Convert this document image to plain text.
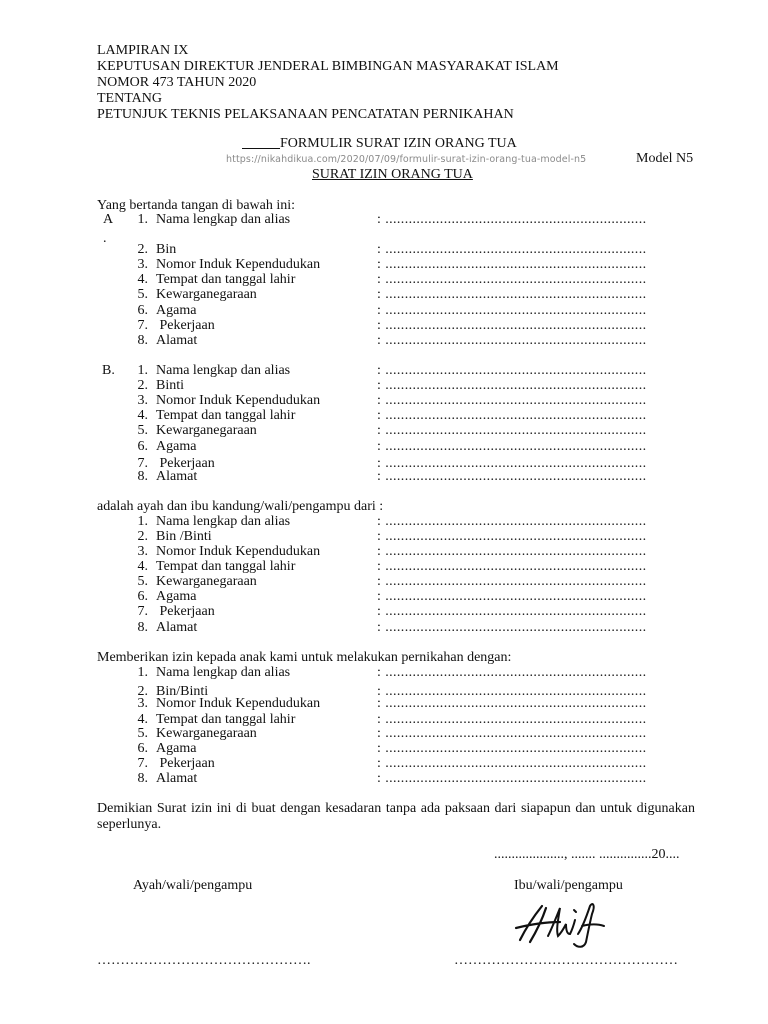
LAMPIRAN IX
KEPUTUSAN DIREKTUR JENDERAL BIMBINGAN MASYARAKAT ISLAM
NOMOR 473 TAHUN 2020
TENTANG
PETUNJUK TEKNIS PELAKSANAAN PENCATATAN PERNIKAHAN
FORMULIR SURAT IZIN ORANG TUA
https://nikahdikua.com/2020/07/09/formulir-surat-izin-orang-tua-model-n5	Model N5
SURAT IZIN ORANG TUA
Yang bertanda tangan di bawah ini:
A
.
1. Nama lengkap dan alias	: ...................................................................
2. Bin	: ...................................................................
3. Nomor Induk Kependudukan	: ...................................................................
4. Tempat dan tanggal lahir	: ...................................................................
5. Kewarganegaraan	: ...................................................................
6. Agama	: ...................................................................
7. Pekerjaan	: ...................................................................
8. Alamat	: ...................................................................
B.	1. Nama lengkap dan alias	: ...................................................................
2. Binti	: ...................................................................
3. Nomor Induk Kependudukan	: ...................................................................
4. Tempat dan tanggal lahir	: ...................................................................
5. Kewarganegaraan	: ...................................................................
6. Agama	: ...................................................................
7. Pekerjaan	: ...................................................................
8. Alamat	: ...................................................................
adalah ayah dan ibu kandung/wali/pengampu dari :
1. Nama lengkap dan alias	: ...................................................................
2. Bin /Binti	: ...................................................................
3. Nomor Induk Kependudukan	: ...................................................................
4. Tempat dan tanggal lahir	: ...................................................................
5. Kewarganegaraan	: ...................................................................
6. Agama	: ...................................................................
7. Pekerjaan	: ...................................................................
8. Alamat	: ...................................................................
Memberikan izin kepada anak kami untuk melakukan pernikahan dengan:
1. Nama lengkap dan alias	: ...................................................................
2. Bin/Binti	: ...................................................................
3. Nomor Induk Kependudukan	: ...................................................................
4. Tempat dan tanggal lahir	: ...................................................................
5. Kewarganegaraan	: ...................................................................
6. Agama	: ...................................................................
7. Pekerjaan	: ...................................................................
8. Alamat	: ...................................................................
Demikian Surat izin ini di buat dengan kesadaran tanpa ada paksaan dari siapapun dan untuk digunakan seperlunya.
...................., ....... ...............20....
Ayah/wali/pengampu	Ibu/wali/pengampu
……………………………………….	…………………………………………
